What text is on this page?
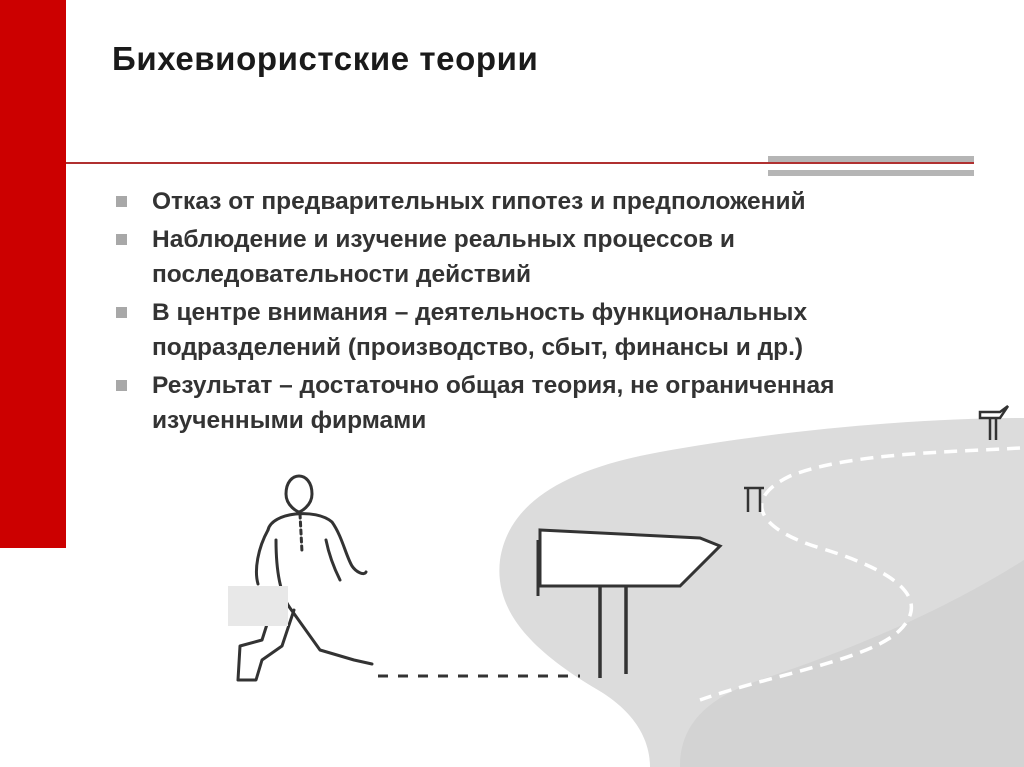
Бихевиористские теории
Отказ от предварительных гипотез и предположений
Наблюдение и изучение реальных процессов и последовательности действий
В центре внимания – деятельность функциональных подразделений (производство, сбыт, финансы и др.)
Результат – достаточно общая теория, не ограниченная изученными фирмами
